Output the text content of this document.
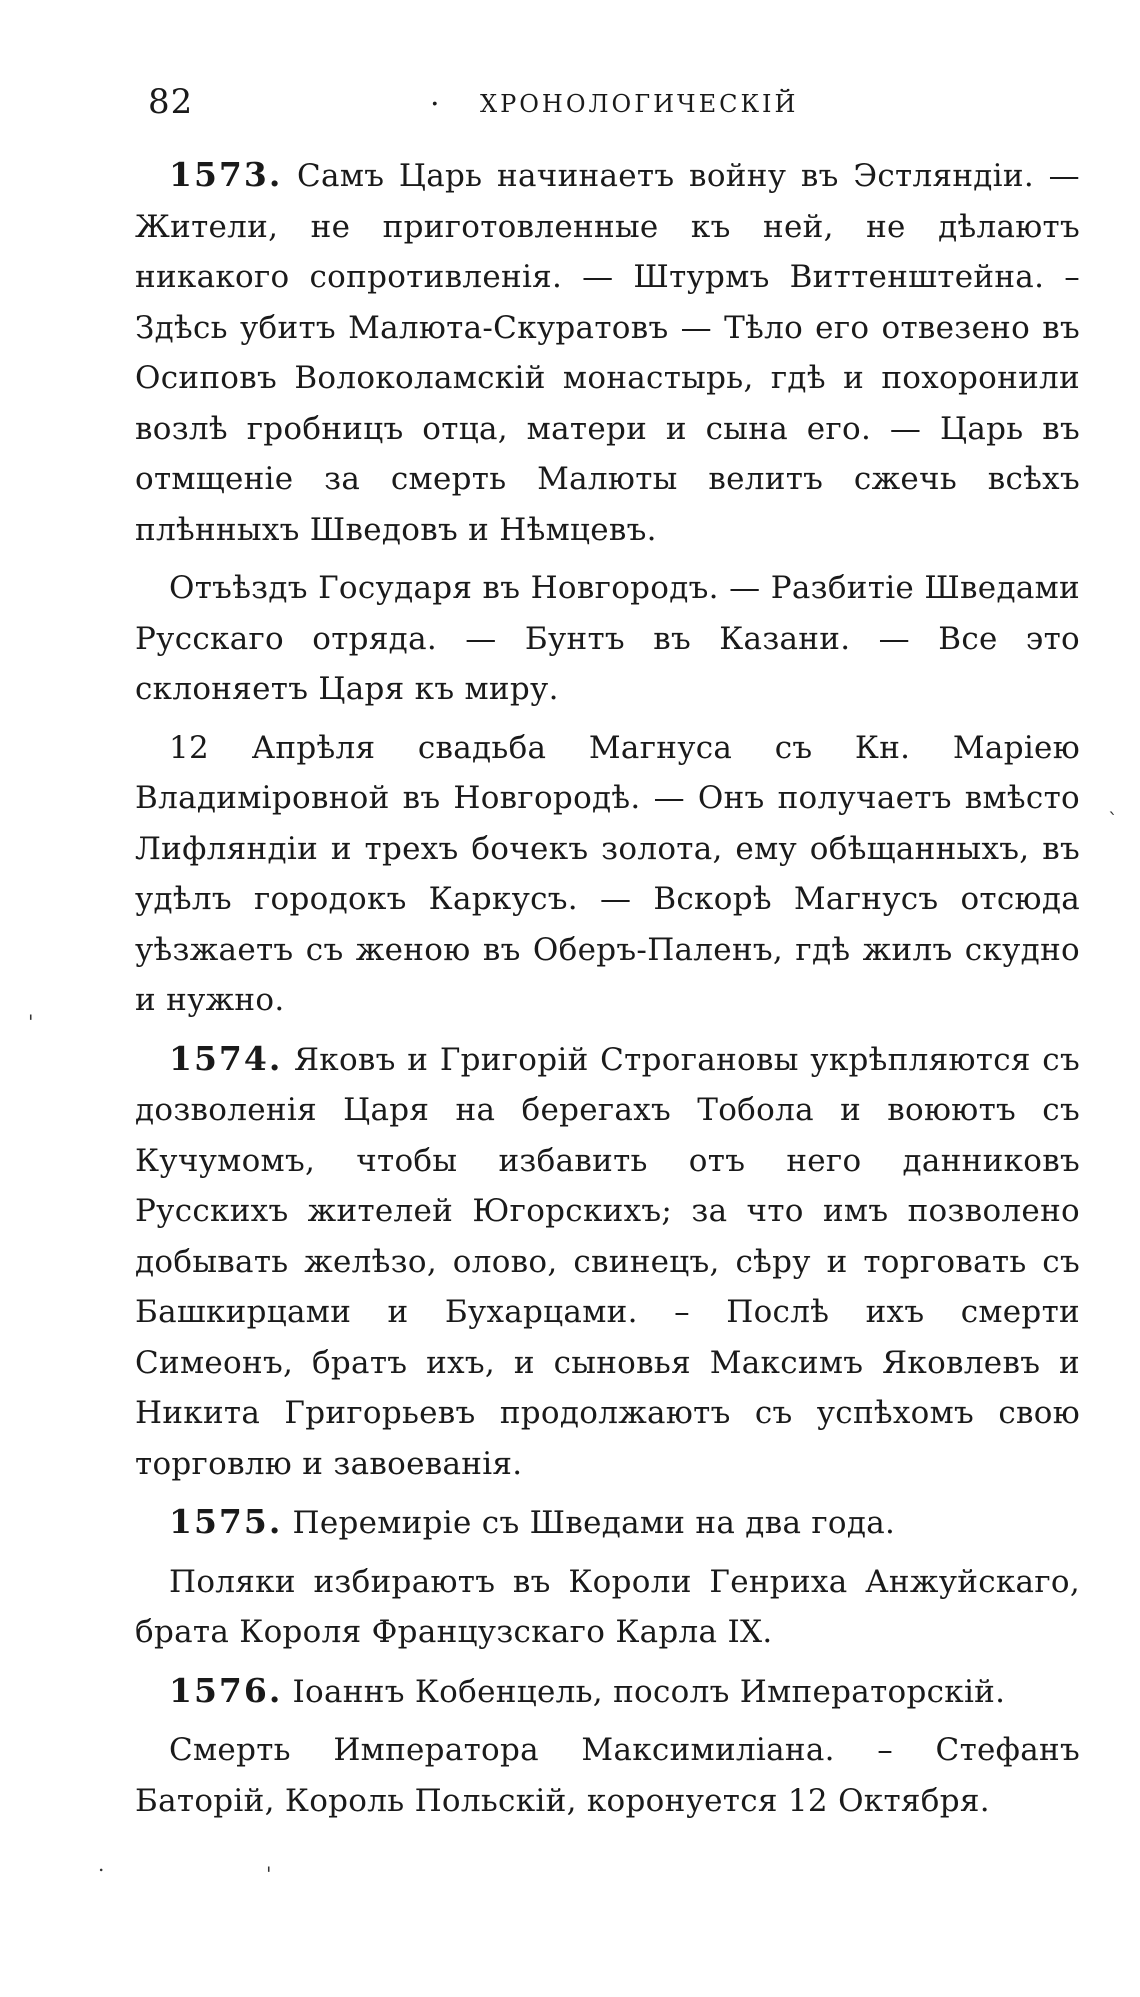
82	. ХРОНОЛОГИЧЕСКІЙ

1573. Самъ Царь начинаетъ войну въ Эстляндіи. — Жители, не приготовленные къ ней, не дѣлаютъ никакого сопротивленія. — Штурмъ Виттенштейна. – Здѣсь убитъ Малюта-Скуратовъ — Тѣло его отвезено въ Осиповъ Волоколамскій монастырь, гдѣ и похоронили возлѣ гробницъ отца, матери и сына его. — Царь въ отмщеніе за смерть Малюты велитъ сжечь всѣхъ плѣнныхъ Шведовъ и Нѣмцевъ.

Отъѣздъ Государя въ Новгородъ. — Разбитіе Шведами Русскаго отряда. — Бунтъ въ Казани. — Все это склоняетъ Царя къ миру.

12 Апрѣля свадьба Магнуса съ Кн. Маріею Владиміровной въ Новгородѣ. — Онъ получаетъ вмѣсто Лифляндіи и трехъ бочекъ золота, ему обѣщанныхъ, въ удѣлъ городокъ Каркусъ. — Вскорѣ Магнусъ отсюда уѣзжаетъ съ женою въ Оберъ-Паленъ, гдѣ жилъ скудно и нужно.

1574. Яковъ и Григорій Строгановы укрѣпляются съ дозволенія Царя на берегахъ Тобола и воюютъ съ Кучумомъ, чтобы избавить отъ него данниковъ Русскихъ жителей Югорскихъ; за что имъ позволено добывать желѣзо, олово, свинецъ, сѣру и торговать съ Башкирцами и Бухарцами. – Послѣ ихъ смерти Симеонъ, братъ ихъ, и сыновья Максимъ Яковлевъ и Никита Григорьевъ продолжаютъ съ успѣхомъ свою торговлю и завоеванія.

1575. Перемиріе съ Шведами на два года.

Поляки избираютъ въ Короли Генриха Анжуйскаго, брата Короля Французскаго Карла IX.

1576. Іоаннъ Кобенцель, посолъ Императорскій.

Смерть Императора Максимиліана. – Стефанъ Баторій, Король Польскій, коронуется 12 Октября.

`
'
.	'
